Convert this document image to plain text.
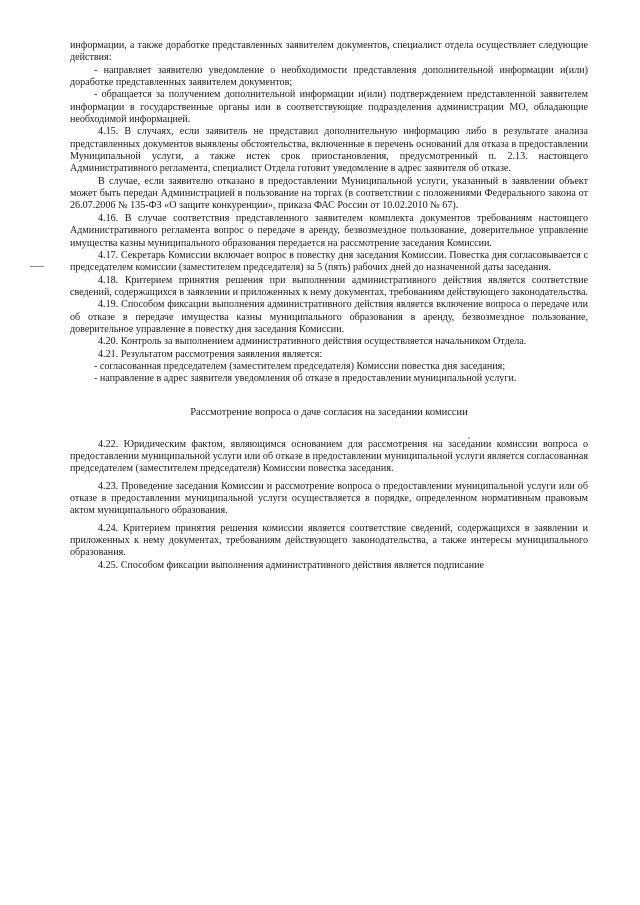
информации, а также доработке представленных заявителем документов, специалист отдела осуществляет следующие действия:

- направляет заявителю уведомление о необходимости представления дополнительной информации и(или) доработке представленных заявителем документов;

- обращается за получением дополнительной информации и(или) подтверждением представленной заявителем информации в государственные органы или в соответствующие подразделения администрации МО, обладающие необходимой информацией.

4.15. В случаях, если заявитель не представил дополнительную информацию либо в результате анализа представленных документов выявлены обстоятельства, включенные в перечень оснований для отказа в предоставлении Муниципальной услуги, а также истек срок приостановления, предусмотренный п. 2.13. настоящего Административного регламента, специалист Отдела готовит уведомление в адрес заявителя об отказе.

В случае, если заявителю отказано в предоставлении Муниципальной услуги, указанный в заявлении объект может быть передан Администрацией в пользование на торгах (в соответствии с положениями Федерального закона от 26.07.2006 № 135-ФЗ «О защите конкуренции», приказа ФАС России от 10.02.2010 № 67).

4.16. В случае соответствия представленного заявителем комплекта документов требованиям настоящего Административного регламента вопрос о передаче в аренду, безвозмездное пользование, доверительное управление имущества казны муниципального образования передается на рассмотрение заседания Комиссии.

4.17. Секретарь Комиссии включает вопрос в повестку дня заседания Комиссии. Повестка дня согласовывается с председателем комиссии (заместителем председателя) за 5 (пять) рабочих дней до назначенной даты заседания.

4.18. Критерием принятия решения при выполнении административного действия является соответствие сведений, содержащихся в заявлении и приложенных к нему документах, требованиям действующего законодательства.

4.19. Способом фиксации выполнения административного действия является включение вопроса о передаче или об отказе в передаче имущества казны муниципального образования в аренду, безвозмездное пользование, доверительное управление в повестку дня заседания Комиссии.

4.20. Контроль за выполнением административного действия осуществляется начальником Отдела.

4.21. Результатом рассмотрения заявления является:

- согласованная председателем (заместителем председателя) Комиссии повестка дня заседания;

- направление в адрес заявителя уведомления об отказе в предоставлении муниципальной услуги.

Рассмотрение вопроса о даче согласия на заседании комиссии

4.22. Юридическим фактом, являющимся основанием для рассмотрения на заседании комиссии вопроса о предоставлении муниципальной услуги или об отказе в предоставлении муниципальной услуги является согласованная председателем (заместителем председателя) Комиссии повестка заседания.

4.23. Проведение заседания Комиссии и рассмотрение вопроса о предоставлении муниципальной услуги или об отказе в предоставлении муниципальной услуги осуществляется в порядке, определенном нормативным правовым актом муниципального образования.

4.24. Критерием принятия решения комиссии является соответствие сведений, содержащихся в заявлении и приложенных к нему документах, требованиям действующего законодательства, а также интересы муниципального образования.

4.25. Способом фиксации выполнения административного действия является подписание
